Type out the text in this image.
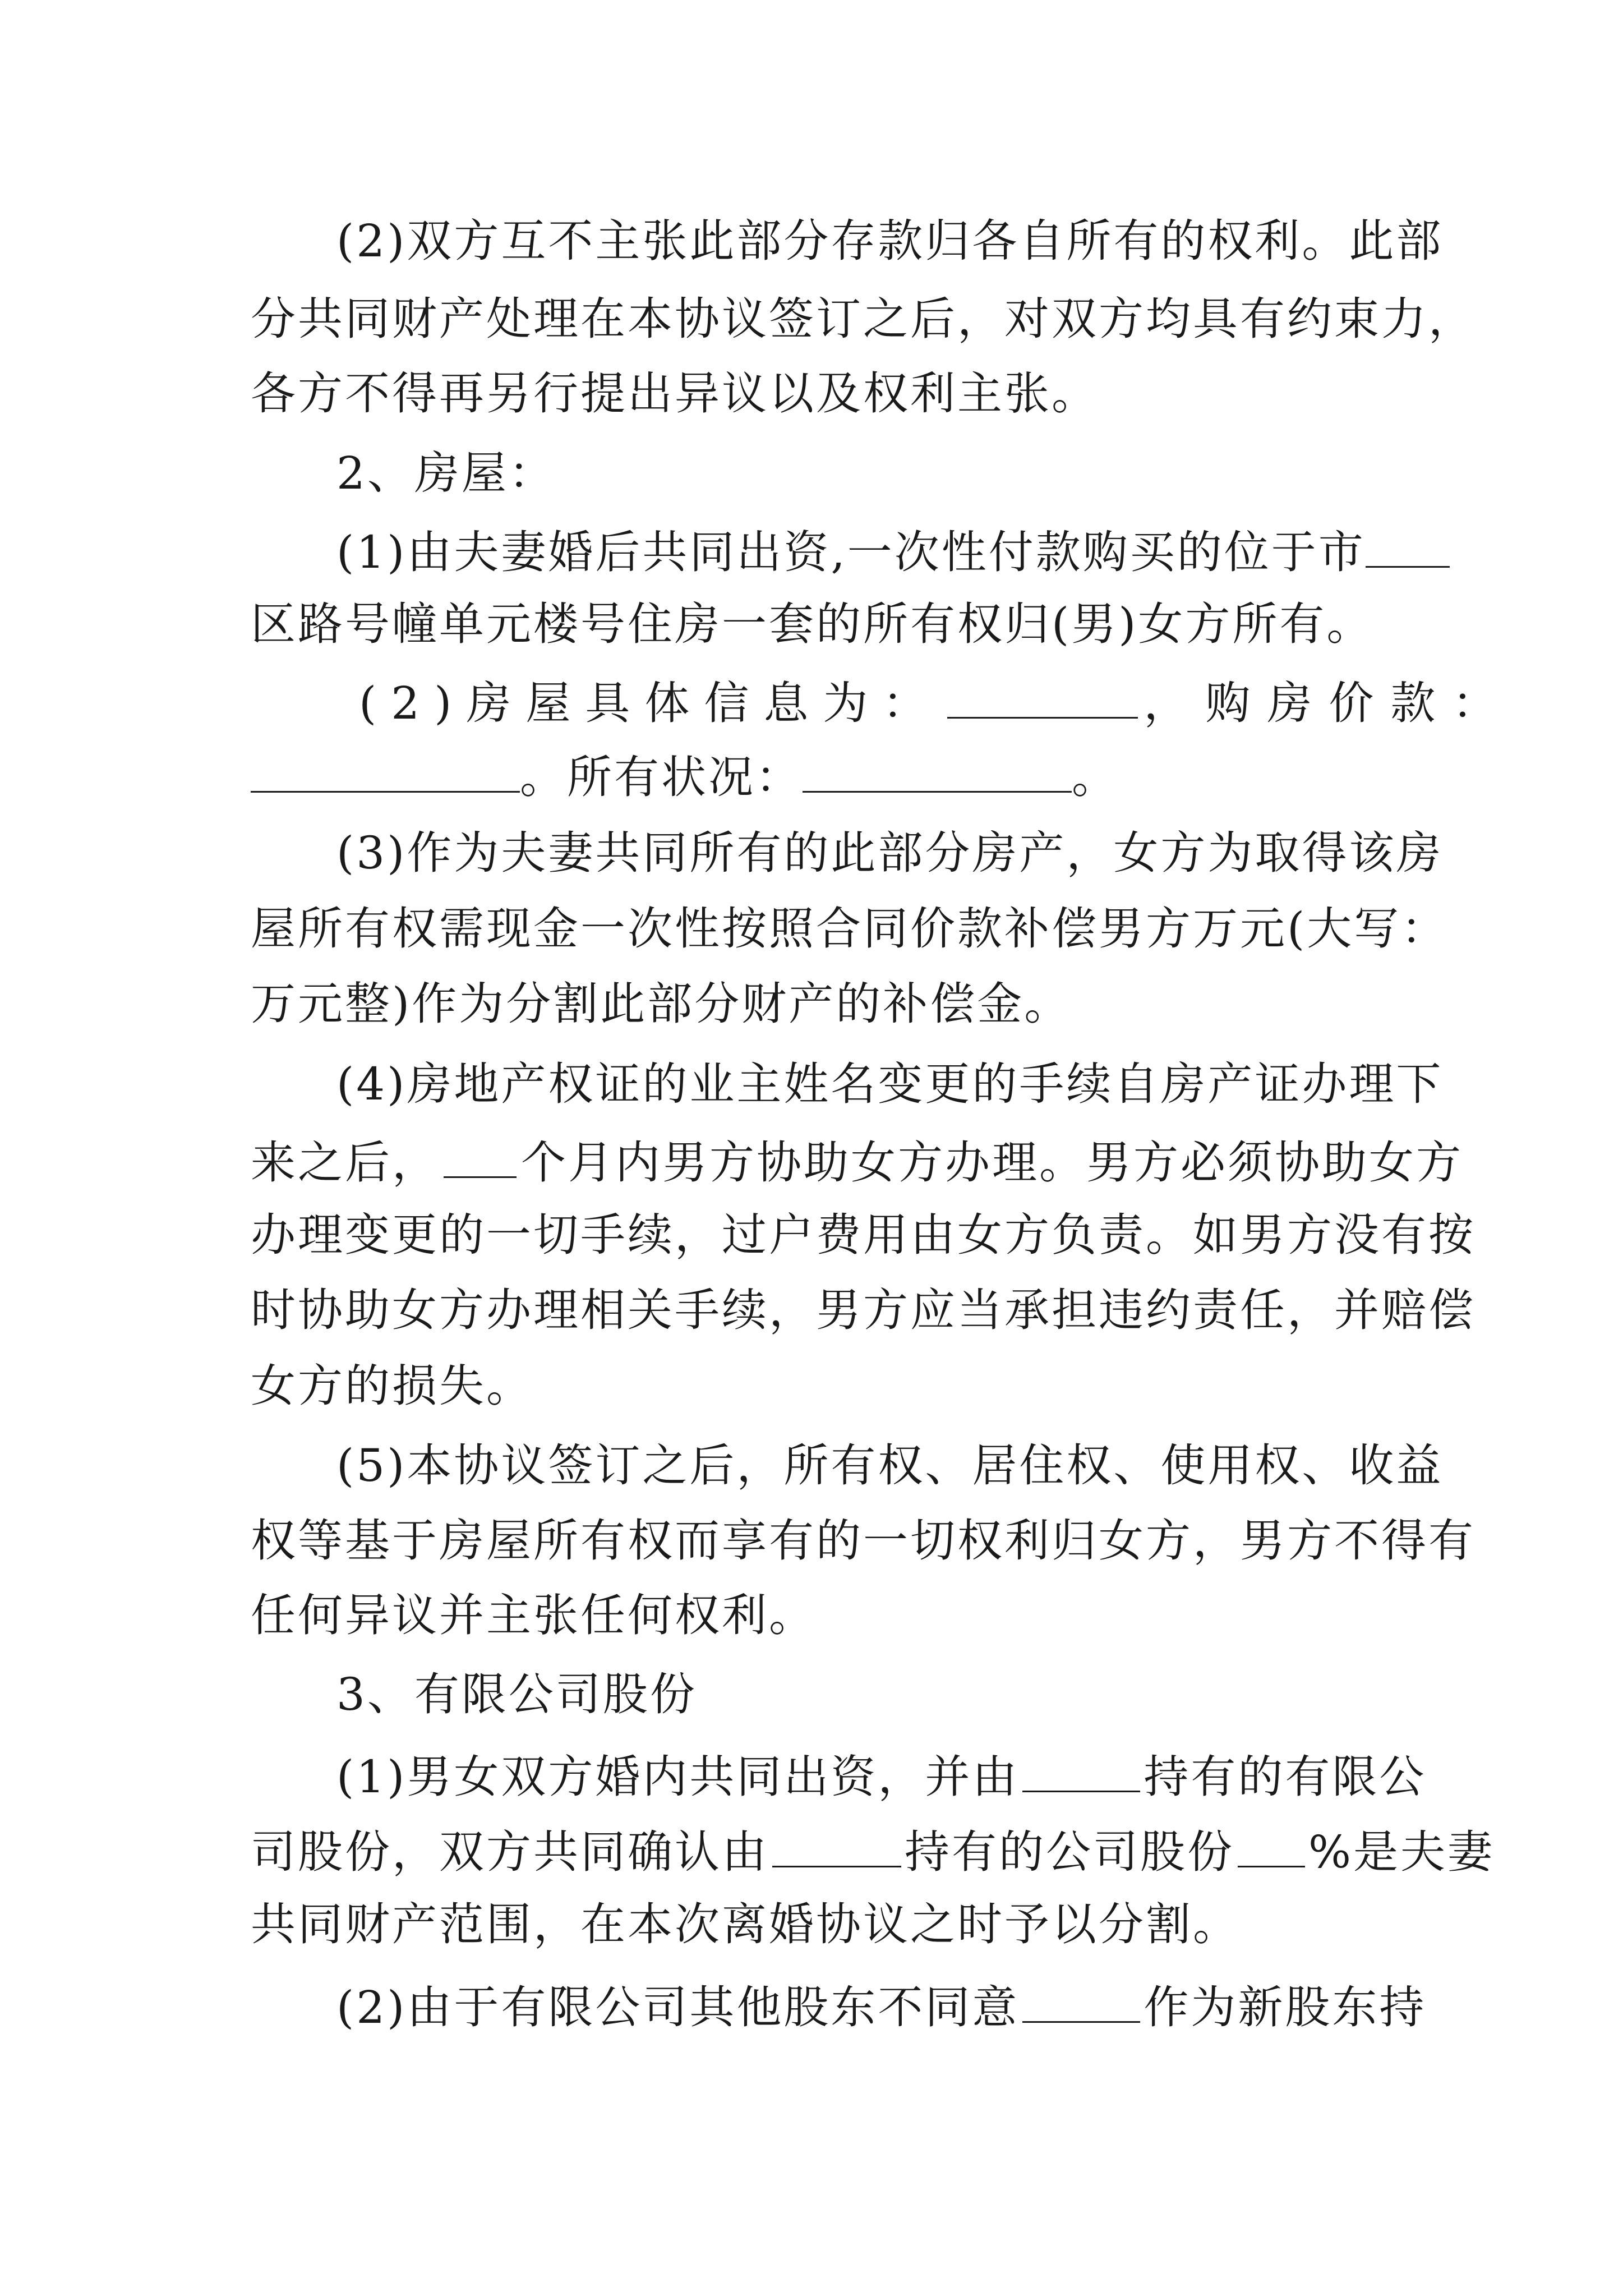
(2)双方互不主张此部分存款归各自所有的权利。此部
分共同财产处理在本协议签订之后，对双方均具有约束力，
各方不得再另行提出异议以及权利主张。
2、房屋：
(1)由夫妻婚后共同出资,一次性付款购买的位于市
区路号幢单元楼号住房一套的所有权归(男)女方所有。
(2)房屋具体信息为：	，购房价款：
。所有状况：	。
(3)作为夫妻共同所有的此部分房产，女方为取得该房
屋所有权需现金一次性按照合同价款补偿男方万元(大写：
万元整)作为分割此部分财产的补偿金。
(4)房地产权证的业主姓名变更的手续自房产证办理下
来之后， 个月内男方协助女方办理。男方必须协助女方
办理变更的一切手续，过户费用由女方负责。如男方没有按
时协助女方办理相关手续，男方应当承担违约责任，并赔偿
女方的损失。
(5)本协议签订之后，所有权、居住权、使用权、收益
权等基于房屋所有权而享有的一切权利归女方，男方不得有
任何异议并主张任何权利。
3、有限公司股份
(1)男女双方婚内共同出资，并由	持有的有限公
司股份，双方共同确认由	持有的公司股份 %是夫妻
共同财产范围，在本次离婚协议之时予以分割。
(2)由于有限公司其他股东不同意	作为新股东持
